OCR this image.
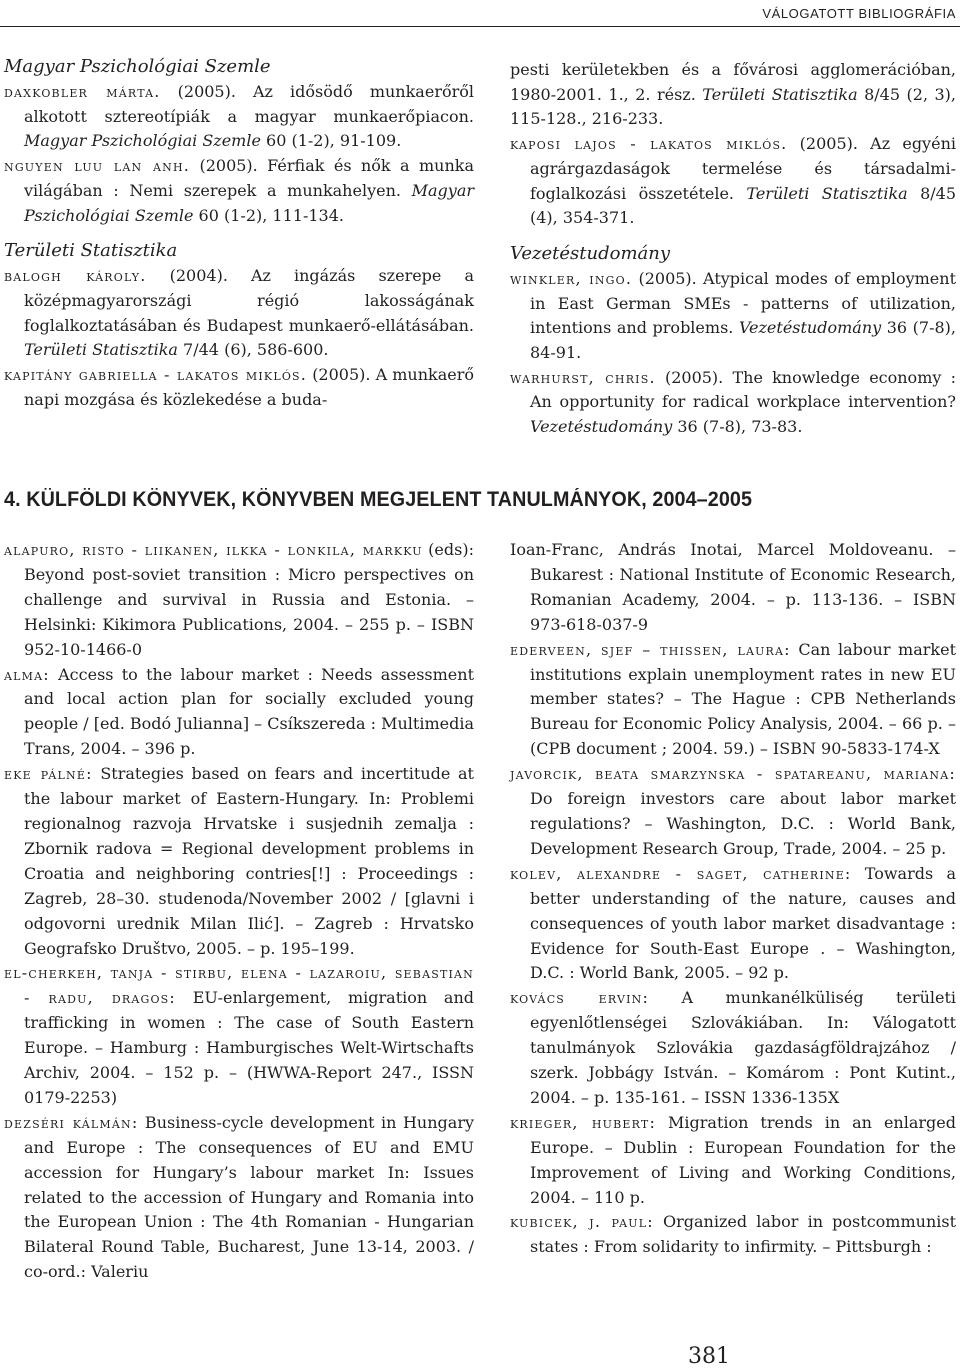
VÁLOGATOTT BIBLIOGRÁFIA

Magyar Pszichológiai Szemle

daxkobler márta. (2005). Az idősödő munkaerőről alkotott sztereotípiák a magyar munkaerőpiacon. Magyar Pszichológiai Szemle 60 (1-2), 91-109.

nguyen luu lan anh. (2005). Férfiak és nők a munka világában : Nemi szerepek a munkahelyen. Magyar Pszichológiai Szemle 60 (1-2), 111-134.

Területi Statisztika

balogh károly. (2004). Az ingázás szerepe a középmagyarországi régió lakosságának foglalkoztatásában és Budapest munkaerő-ellátásában. Területi Statisztika 7/44 (6), 586-600.

kapitány gabriella - lakatos miklós. (2005). A munkaerő napi mozgása és közlekedése a buda-

pesti kerületekben és a fővárosi agglomerációban, 1980-2001. 1., 2. rész. Területi Statisztika 8/45 (2, 3), 115-128., 216-233.

kaposi lajos - lakatos miklós. (2005). Az egyéni agrárgazdaságok termelése és társadalmi-foglalkozási összetétele. Területi Statisztika 8/45 (4), 354-371.

Vezetéstudomány

winkler, ingo. (2005). Atypical modes of employment in East German SMEs - patterns of utilization, intentions and problems. Vezetéstudomány 36 (7-8), 84-91.

warhurst, chris. (2005). The knowledge economy : An opportunity for radical workplace intervention? Vezetéstudomány 36 (7-8), 73-83.

4. KÜLFÖLDI KÖNYVEK, KÖNYVBEN MEGJELENT TANULMÁNYOK, 2004–2005

alapuro, risto - liikanen, ilkka - lonkila, markku (eds): Beyond post-soviet transition : Micro perspectives on challenge and survival in Russia and Estonia. – Helsinki: Kikimora Publications, 2004. – 255 p. – ISBN 952-10-1466-0

alma: Access to the labour market : Needs assessment and local action plan for socially excluded young people / [ed. Bodó Julianna] – Csíkszereda : Multimedia Trans, 2004. – 396 p.

eke pálné: Strategies based on fears and incertitude at the labour market of Eastern-Hungary. In: Problemi regionalnog razvoja Hrvatske i susjednih zemalja : Zbornik radova = Regional development problems in Croatia and neighboring contries[!] : Proceedings : Zagreb, 28–30. studenoda/November 2002 / [glavni i odgovorni urednik Milan Ilić]. – Zagreb : Hrvatsko Geografsko Društvo, 2005. – p. 195–199.

el-cherkeh, tanja - stirbu, elena - lazaroiu, sebastian - radu, dragos: EU-enlargement, migration and trafficking in women : The case of South Eastern Europe. – Hamburg : Hamburgisches Welt-Wirtschafts Archiv, 2004. – 152 p. – (HWWA-Report 247., ISSN 0179-2253)

dezséri kálmán: Business-cycle development in Hungary and Europe : The consequences of EU and EMU accession for Hungary’s labour market In: Issues related to the accession of Hungary and Romania into the European Union : The 4th Romanian - Hungarian Bilateral Round Table, Bucharest, June 13-14, 2003. / co-ord.: Valeriu

Ioan-Franc, András Inotai, Marcel Moldoveanu. – Bukarest : National Institute of Economic Research, Romanian Academy, 2004. – p. 113-136. – ISBN 973-618-037-9

ederveen, sjef – thissen, laura: Can labour market institutions explain unemployment rates in new EU member states? – The Hague : CPB Netherlands Bureau for Economic Policy Analysis, 2004. – 66 p. – (CPB document ; 2004. 59.) – ISBN 90-5833-174-X

javorcik, beata smarzynska - spatareanu, mariana: Do foreign investors care about labor market regulations? – Washington, D.C. : World Bank, Development Research Group, Trade, 2004. – 25 p.

kolev, alexandre - saget, catherine: Towards a better understanding of the nature, causes and consequences of youth labor market disadvantage : Evidence for South-East Europe . – Washington, D.C. : World Bank, 2005. – 92 p.

kovács ervin: A munkanélküliség területi egyenlőtlenségei Szlovákiában. In: Válogatott tanulmányok Szlovákia gazdaságföldrajzához / szerk. Jobbágy István. – Komárom : Pont Kutint., 2004. – p. 135-161. – ISSN 1336-135X

krieger, hubert: Migration trends in an enlarged Europe. – Dublin : European Foundation for the Improvement of Living and Working Conditions, 2004. – 110 p.

kubicek, j. paul: Organized labor in postcommunist states : From solidarity to infirmity. – Pittsburgh :

381
